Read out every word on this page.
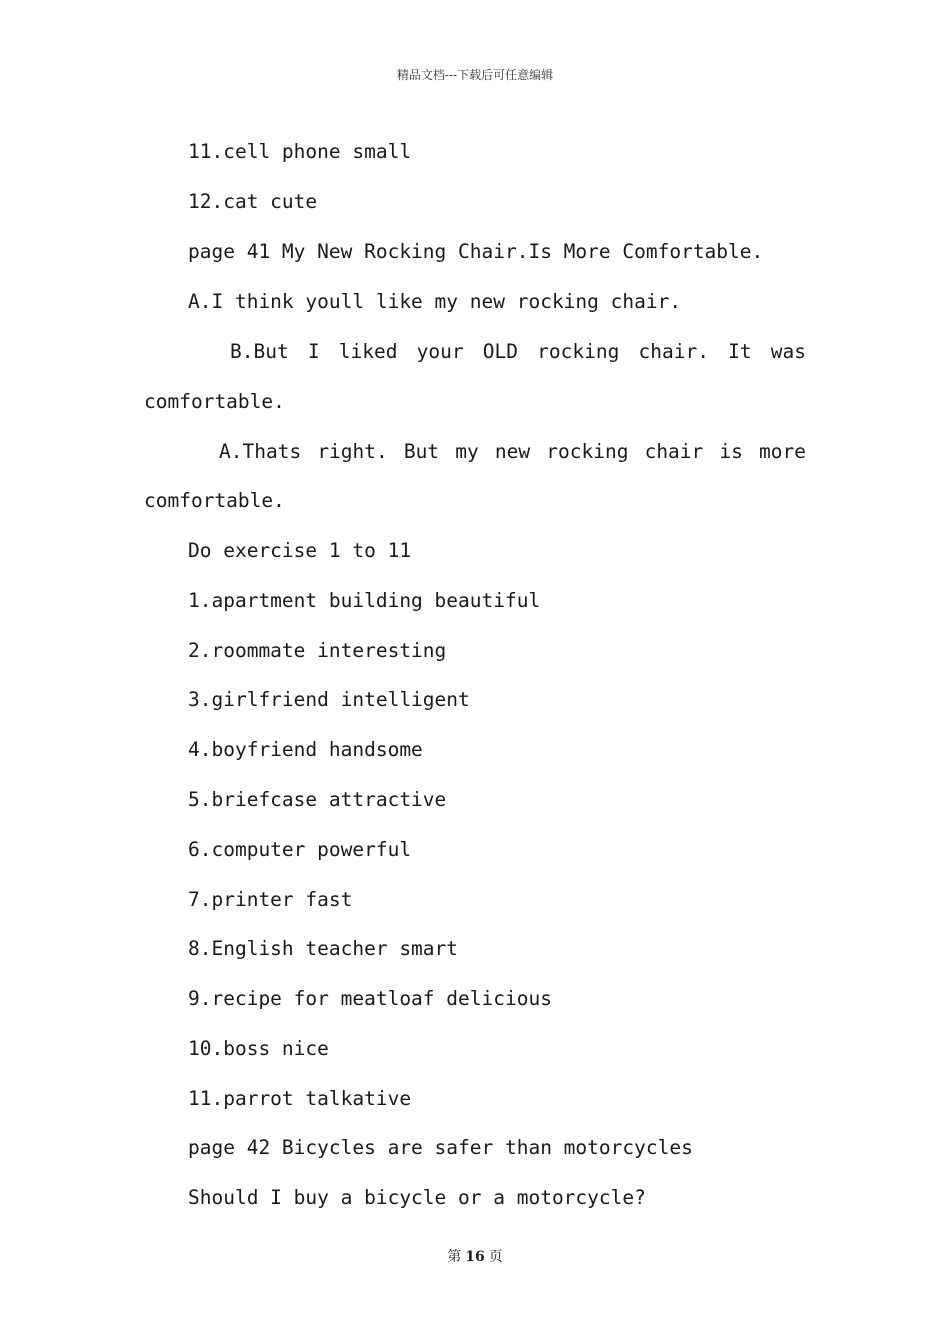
精品文档---下载后可任意编辑
11.cell phone small
12.cat cute
page 41 My New Rocking Chair.Is More Comfortable.
A.I think youll like my new rocking chair.
B.But I liked your OLD rocking chair. It was
comfortable.
A.Thats right. But my new rocking chair is more
comfortable.
Do exercise 1 to 11
1.apartment building beautiful
2.roommate interesting
3.girlfriend intelligent
4.boyfriend handsome
5.briefcase attractive
6.computer powerful
7.printer fast
8.English teacher smart
9.recipe for meatloaf delicious
10.boss nice
11.parrot talkative
page 42 Bicycles are safer than motorcycles
Should I buy a bicycle or a motorcycle?
第 16 页
